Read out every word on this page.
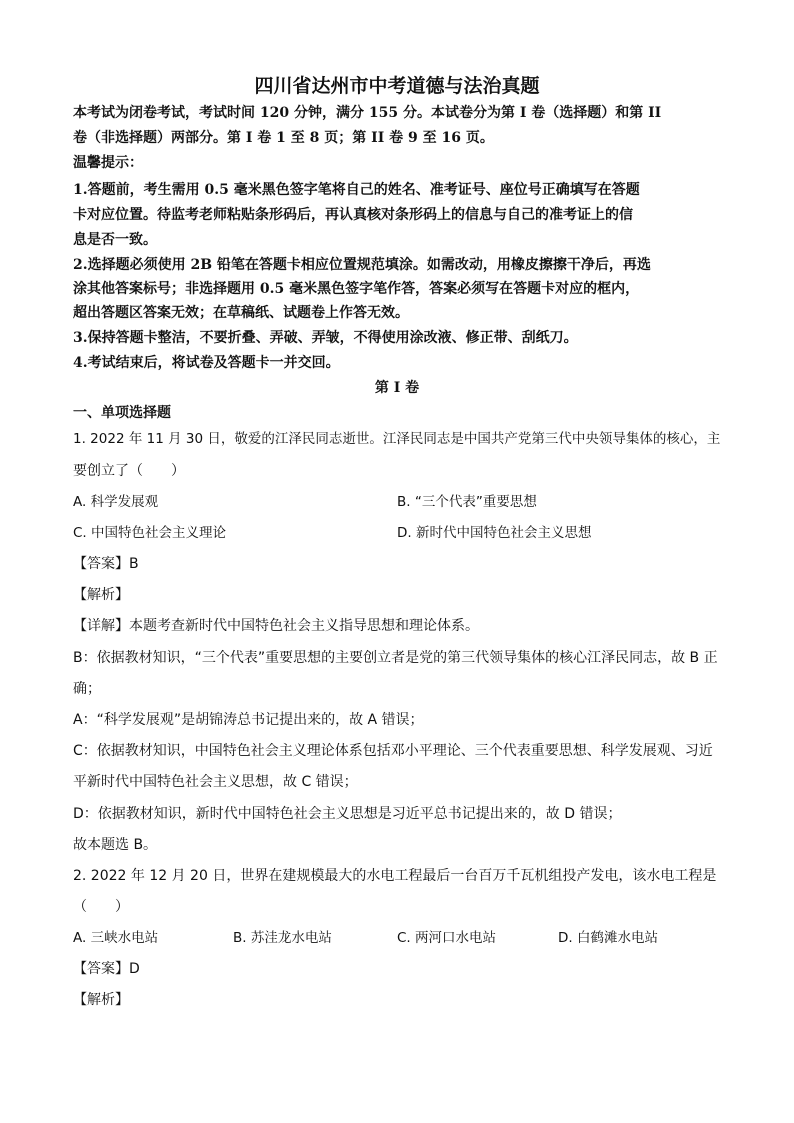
四川省达州市中考道德与法治真题

本考试为闭卷考试，考试时间 120 分钟，满分 155 分。本试卷分为第 I 卷（选择题）和第 II

卷（非选择题）两部分。第 I 卷 1 至 8 页；第 II 卷 9 至 16 页。

温馨提示：

1.答题前，考生需用 0.5 毫米黑色签字笔将自己的姓名、准考证号、座位号正确填写在答题

卡对应位置。待监考老师粘贴条形码后，再认真核对条形码上的信息与自己的准考证上的信

息是否一致。

2.选择题必须使用 2B 铅笔在答题卡相应位置规范填涂。如需改动，用橡皮擦擦干净后，再选

涂其他答案标号；非选择题用 0.5 毫米黑色签字笔作答，答案必须写在答题卡对应的框内，

超出答题区答案无效；在草稿纸、试题卷上作答无效。

3.保持答题卡整洁，不要折叠、弄破、弄皱，不得使用涂改液、修正带、刮纸刀。

4.考试结束后，将试卷及答题卡一并交回。

第 I 卷

一、单项选择题

1. 2022 年 11 月 30 日，敬爱的江泽民同志逝世。江泽民同志是中国共产党第三代中央领导集体的核心，主

要创立了（　　）

A. 科学发展观	B. “三个代表”重要思想

C. 中国特色社会主义理论	D. 新时代中国特色社会主义思想

【答案】B

【解析】

【详解】本题考查新时代中国特色社会主义指导思想和理论体系。

B：依据教材知识，“三个代表”重要思想的主要创立者是党的第三代领导集体的核心江泽民同志，故 B 正

确；

A：“科学发展观”是胡锦涛总书记提出来的，故 A 错误；

C：依据教材知识，中国特色社会主义理论体系包括邓小平理论、三个代表重要思想、科学发展观、习近

平新时代中国特色社会主义思想，故 C 错误；

D：依据教材知识，新时代中国特色社会主义思想是习近平总书记提出来的，故 D 错误；

故本题选 B。

2. 2022 年 12 月 20 日，世界在建规模最大的水电工程最后一台百万千瓦机组投产发电，该水电工程是

（　　）

A. 三峡水电站	B. 苏洼龙水电站	C. 两河口水电站	D. 白鹤滩水电站

【答案】D

【解析】
